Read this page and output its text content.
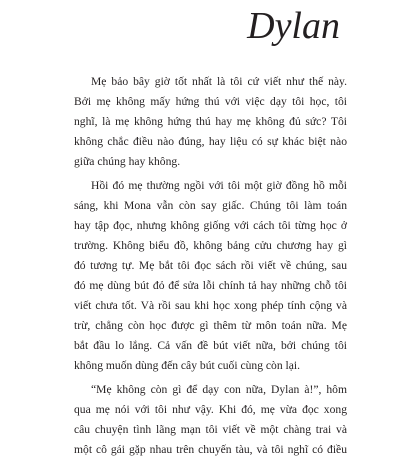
Dylan

Mẹ bảo bây giờ tốt nhất là tôi cứ viết như thế này.
Bởi mẹ không mấy hứng thú với việc dạy tôi học, tôi
nghĩ, là mẹ không hứng thú hay mẹ không đủ sức? Tôi
không chắc điều nào đúng, hay liệu có sự khác biệt nào
giữa chúng hay không.

Hồi đó mẹ thường ngồi với tôi một giờ đồng hồ mỗi
sáng, khi Mona vẫn còn say giấc. Chúng tôi làm toán
hay tập đọc, nhưng không giống với cách tôi từng học ở
trường. Không biểu đồ, không bảng cửu chương hay gì
đó tương tự. Mẹ bắt tôi đọc sách rồi viết về chúng, sau
đó mẹ dùng bút đỏ để sửa lỗi chính tả hay những chỗ tôi
viết chưa tốt. Và rồi sau khi học xong phép tính cộng và
trừ, chẳng còn học được gì thêm từ môn toán nữa. Mẹ
bắt đầu lo lắng. Cả vấn đề bút viết nữa, bởi chúng tôi
không muốn dùng đến cây bút cuối cùng còn lại.

“Mẹ không còn gì để dạy con nữa, Dylan à!”, hôm
qua mẹ nói với tôi như vậy. Khi đó, mẹ vừa đọc xong
câu chuyện tình lãng mạn tôi viết về một chàng trai và
một cô gái gặp nhau trên chuyến tàu, và tôi nghĩ có điều
